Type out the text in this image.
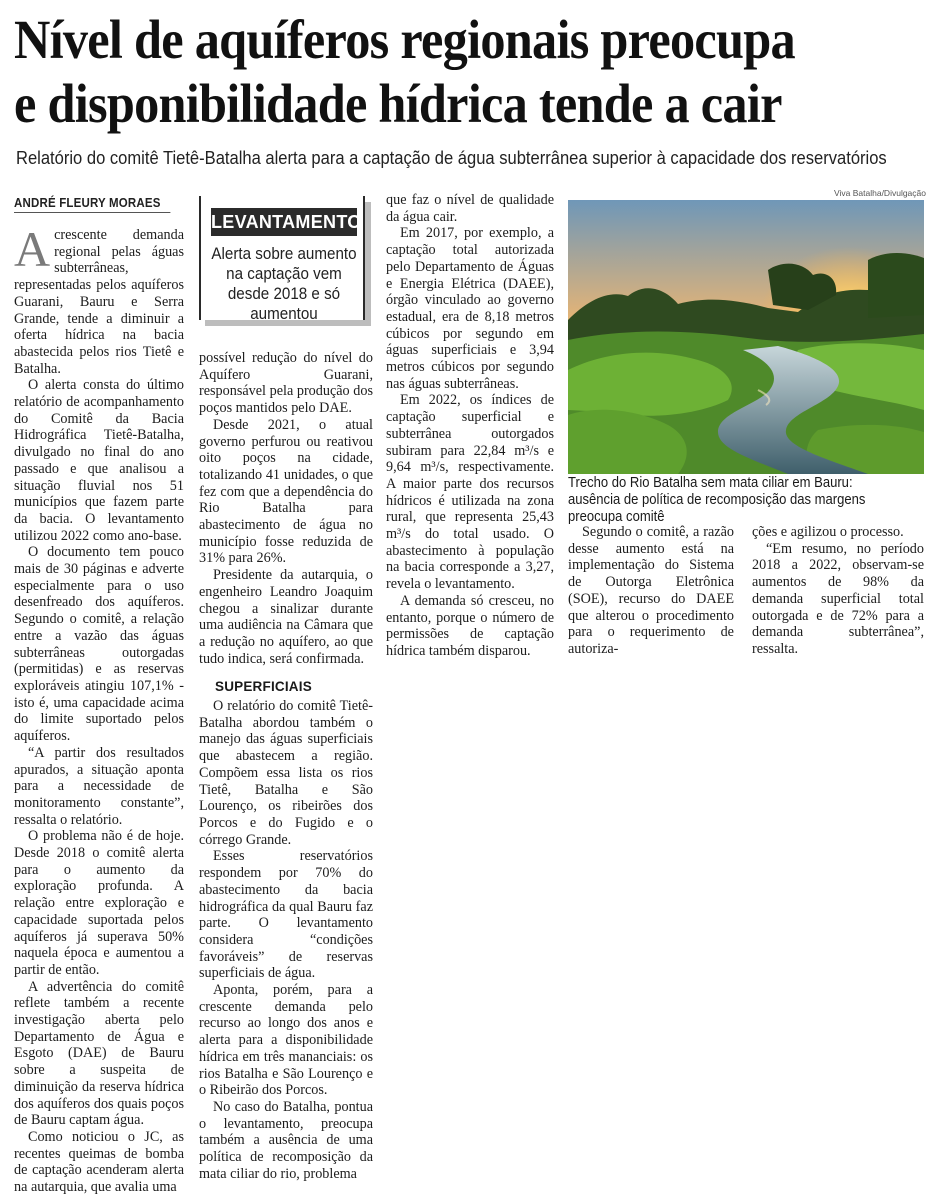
Nível de aquíferos regionais preocupa
e disponibilidade hídrica tende a cair

Relatório do comitê Tietê-Batalha alerta para a captação de água subterrânea superior à capacidade dos reservatórios

ANDRÉ FLEURY MORAES

Acrescente demanda regional pelas águas subterrâneas, representadas pelos aquíferos Guarani, Bauru e Serra Grande, tende a diminuir a oferta hídrica na bacia abastecida pelos rios Tietê e Batalha.

O alerta consta do último relatório de acompanhamento do Comitê da Bacia Hidrográfica Tietê-Batalha, divulgado no final do ano passado e que analisou a situação fluvial nos 51 municípios que fazem parte da bacia. O levantamento utilizou 2022 como ano-base.

O documento tem pouco mais de 30 páginas e adverte especialmente para o uso desenfreado dos aquíferos. Segundo o comitê, a relação entre a vazão das águas subterrâneas outorgadas (permitidas) e as reservas exploráveis atingiu 107,1% - isto é, uma capacidade acima do limite suportado pelos aquíferos.

“A partir dos resultados apurados, a situação aponta para a necessidade de monitoramento constante”, ressalta o relatório.

O problema não é de hoje. Desde 2018 o comitê alerta para o aumento da exploração profunda. A relação entre exploração e capacidade suportada pelos aquíferos já superava 50% naquela época e aumentou a partir de então.

A advertência do comitê reflete também a recente investigação aberta pelo Departamento de Água e Esgoto (DAE) de Bauru sobre a suspeita de diminuição da reserva hídrica dos aquíferos dos quais poços de Bauru captam água.

Como noticiou o JC, as recentes queimas de bomba de captação acenderam alerta na autarquia, que avalia uma

LEVANTAMENTO
Alerta sobre aumento na captação vem desde 2018 e só aumentou

possível redução do nível do Aquífero Guarani, responsável pela produção dos poços mantidos pelo DAE.

Desde 2021, o atual governo perfurou ou reativou oito poços na cidade, totalizando 41 unidades, o que fez com que a dependência do Rio Batalha para abastecimento de água no município fosse reduzida de 31% para 26%.

Presidente da autarquia, o engenheiro Leandro Joaquim chegou a sinalizar durante uma audiência na Câmara que a redução no aquífero, ao que tudo indica, será confirmada.

SUPERFICIAIS

O relatório do comitê Tietê-Batalha abordou também o manejo das águas superficiais que abastecem a região. Compõem essa lista os rios Tietê, Batalha e São Lourenço, os ribeirões dos Porcos e do Fugido e o córrego Grande.

Esses reservatórios respondem por 70% do abastecimento da bacia hidrográfica da qual Bauru faz parte. O levantamento considera “condições favoráveis” de reservas superficiais de água.

Aponta, porém, para a crescente demanda pelo recurso ao longo dos anos e alerta para a disponibilidade hídrica em três mananciais: os rios Batalha e São Lourenço e o Ribeirão dos Porcos.

No caso do Batalha, pontua o levantamento, preocupa também a ausência de uma política de recomposição da mata ciliar do rio, problema

que faz o nível de qualidade da água cair.

Em 2017, por exemplo, a captação total autorizada pelo Departamento de Águas e Energia Elétrica (DAEE), órgão vinculado ao governo estadual, era de 8,18 metros cúbicos por segundo em águas superficiais e 3,94 metros cúbicos por segundo nas águas subterrâneas.

Em 2022, os índices de captação superficial e subterrânea outorgados subiram para 22,84 m³/s e 9,64 m³/s, respectivamente. A maior parte dos recursos hídricos é utilizada na zona rural, que representa 25,43 m³/s do total usado. O abastecimento à população na bacia corresponde a 3,27, revela o levantamento.

A demanda só cresceu, no entanto, porque o número de permissões de captação hídrica também disparou.

Viva Batalha/Divulgação

Trecho do Rio Batalha sem mata ciliar em Bauru: ausência de política de recomposição das margens preocupa comitê

Segundo o comitê, a razão desse aumento está na implementação do Sistema de Outorga Eletrônica (SOE), recurso do DAEE que alterou o procedimento para o requerimento de autoriza-

ções e agilizou o processo.

“Em resumo, no período 2018 a 2022, observam-se aumentos de 98% da demanda superficial total outorgada e de 72% para a demanda subterrânea”, ressalta.
